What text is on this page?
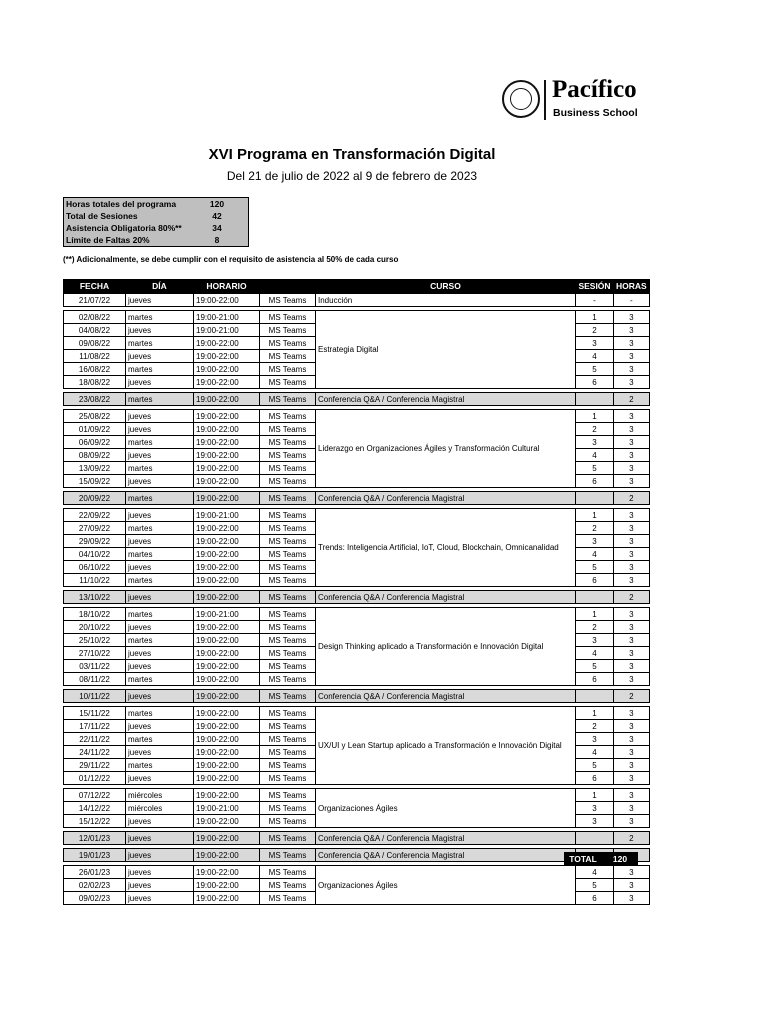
Pacífico
Business School
XVI Programa en Transformación Digital
Del 21 de julio de 2022 al 9 de febrero de 2023
Horas totales del programa	120
Total de Sesiones	42
Asistencia Obligatoria 80%**	34
Límite de Faltas 20%	8
(**) Adicionalmente, se debe cumplir con el requisito de asistencia al 50% de cada curso
FECHA	DÍA	HORARIO		CURSO	SESIÓN	HORAS
21/07/22	jueves	19:00-22:00	MS Teams	Inducción	-	-

02/08/22	martes	19:00-21:00	MS Teams	Estrategia Digital	1	3
04/08/22	jueves	19:00-21:00	MS Teams		2	3
09/08/22	martes	19:00-22:00	MS Teams		3	3
11/08/22	jueves	19:00-22:00	MS Teams		4	3
16/08/22	martes	19:00-22:00	MS Teams		5	3
18/08/22	jueves	19:00-22:00	MS Teams		6	3

23/08/22	martes	19:00-22:00	MS Teams	Conferencia Q&A / Conferencia Magistral		2

25/08/22	jueves	19:00-22:00	MS Teams	Liderazgo en Organizaciones Ágiles y Transformación Cultural	1	3
01/09/22	jueves	19:00-22:00	MS Teams		2	3
06/09/22	martes	19:00-22:00	MS Teams		3	3
08/09/22	jueves	19:00-22:00	MS Teams		4	3
13/09/22	martes	19:00-22:00	MS Teams		5	3
15/09/22	jueves	19:00-22:00	MS Teams		6	3

20/09/22	martes	19:00-22:00	MS Teams	Conferencia Q&A / Conferencia Magistral		2

22/09/22	jueves	19:00-21:00	MS Teams	Trends: Inteligencia Artificial, IoT, Cloud, Blockchain, Omnicanalidad	1	3
27/09/22	martes	19:00-22:00	MS Teams		2	3
29/09/22	jueves	19:00-22:00	MS Teams		3	3
04/10/22	martes	19:00-22:00	MS Teams		4	3
06/10/22	jueves	19:00-22:00	MS Teams		5	3
11/10/22	martes	19:00-22:00	MS Teams		6	3

13/10/22	jueves	19:00-22:00	MS Teams	Conferencia Q&A / Conferencia Magistral		2

18/10/22	martes	19:00-21:00	MS Teams	Design Thinking aplicado a Transformación e Innovación Digital	1	3
20/10/22	jueves	19:00-22:00	MS Teams		2	3
25/10/22	martes	19:00-22:00	MS Teams		3	3
27/10/22	jueves	19:00-22:00	MS Teams		4	3
03/11/22	jueves	19:00-22:00	MS Teams		5	3
08/11/22	martes	19:00-22:00	MS Teams		6	3

10/11/22	jueves	19:00-22:00	MS Teams	Conferencia Q&A / Conferencia Magistral		2

15/11/22	martes	19:00-22:00	MS Teams	UX/UI y Lean Startup aplicado a Transformación e Innovación Digital	1	3
17/11/22	jueves	19:00-22:00	MS Teams		2	3
22/11/22	martes	19:00-22:00	MS Teams		3	3
24/11/22	jueves	19:00-22:00	MS Teams		4	3
29/11/22	martes	19:00-22:00	MS Teams		5	3
01/12/22	jueves	19:00-22:00	MS Teams		6	3

07/12/22	miércoles	19:00-22:00	MS Teams	Organizaciones Ágiles	1	3
14/12/22	miércoles	19:00-21:00	MS Teams		3	3
15/12/22	jueves	19:00-22:00	MS Teams		3	3

12/01/23	jueves	19:00-22:00	MS Teams	Conferencia Q&A / Conferencia Magistral		2

19/01/23	jueves	19:00-22:00	MS Teams	Conferencia Q&A / Conferencia Magistral		

26/01/23	jueves	19:00-22:00	MS Teams	Organizaciones Ágiles	4	3
02/02/23	jueves	19:00-22:00	MS Teams		5	3
09/02/23	jueves	19:00-22:00	MS Teams		6	3
TOTAL	120
